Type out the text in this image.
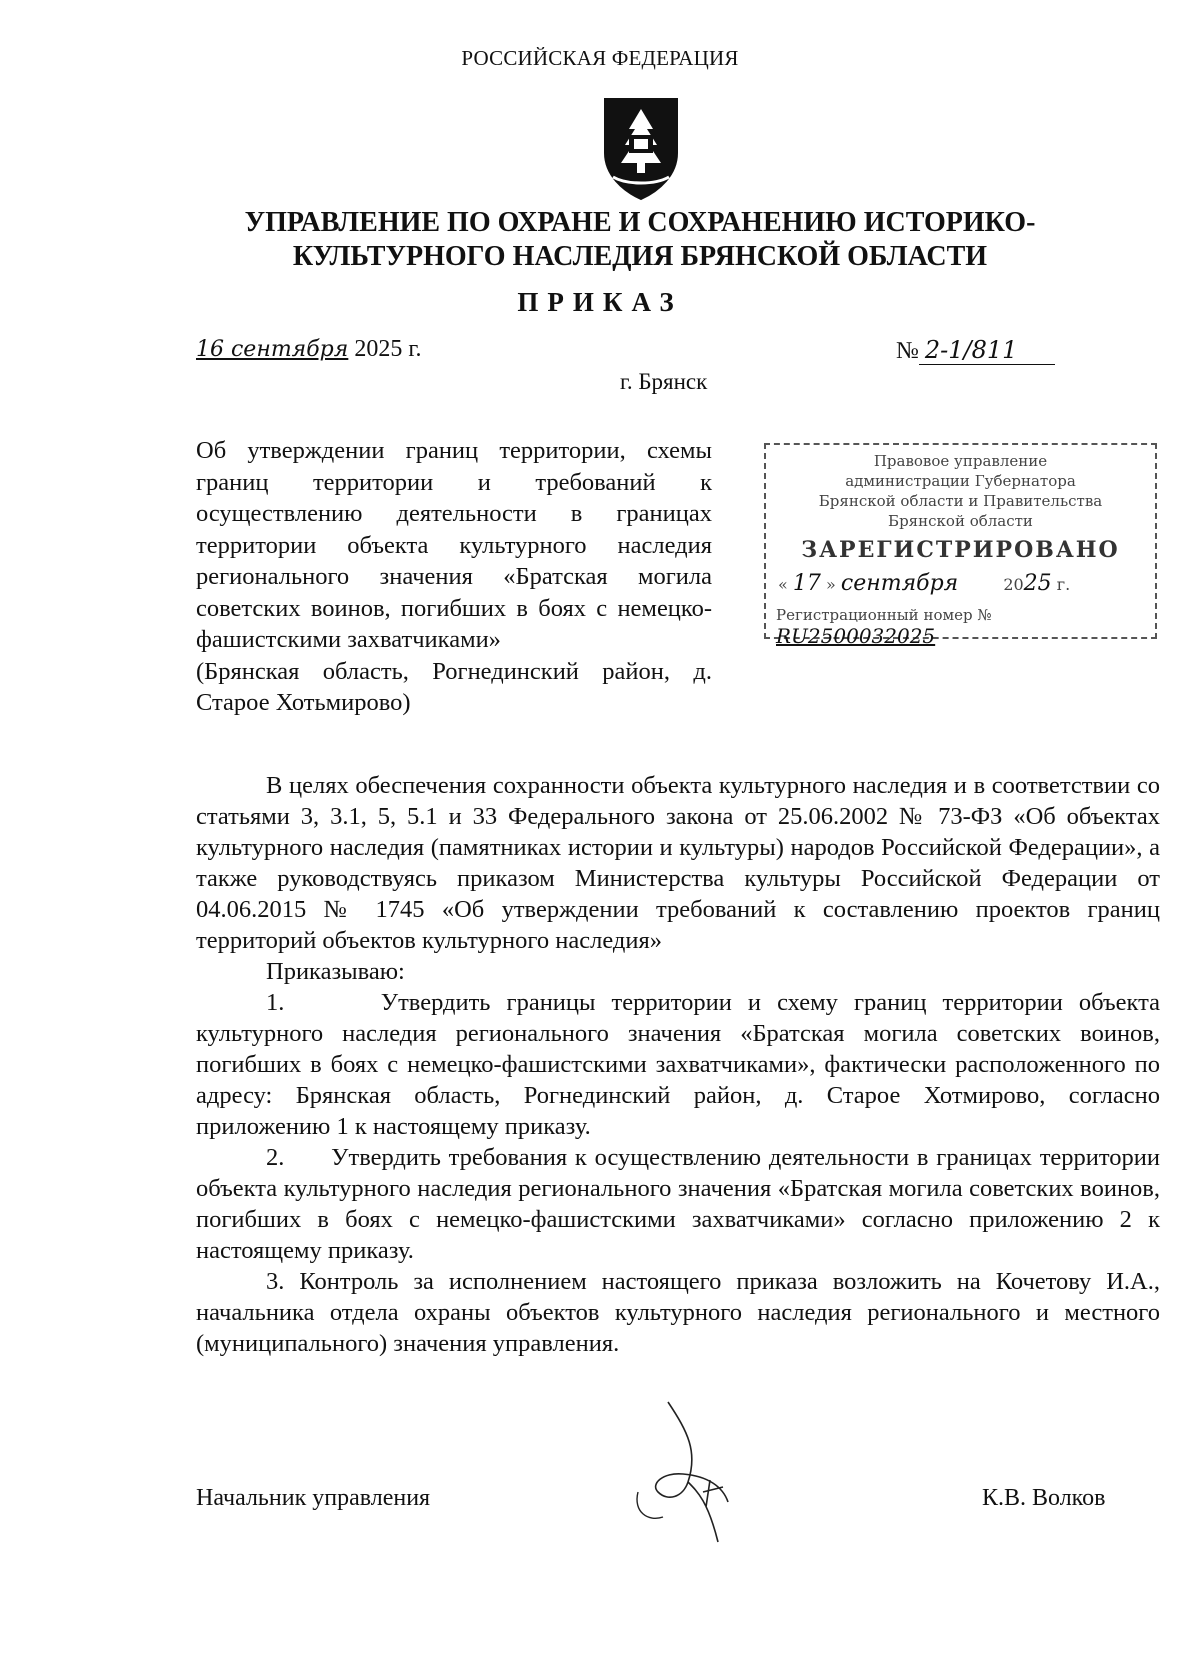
РОССИЙСКАЯ ФЕДЕРАЦИЯ
УПРАВЛЕНИЕ ПО ОХРАНЕ И СОХРАНЕНИЮ ИСТОРИКО-
КУЛЬТУРНОГО НАСЛЕДИЯ БРЯНСКОЙ ОБЛАСТИ
ПРИКАЗ
16 сентября 2025 г.	№ 2-1/811
г. Брянск

Об утверждении границ территории, схемы границ территории и требований к осуществлению деятельности в границах территории объекта культурного наследия регионального значения «Братская могила советских воинов, погибших в боях с немецко-фашистскими захватчиками»

(Брянская область, Рогнединский район, д. Старое Хотьмирово)

Правовое управление
администрации Губернатора
Брянской области и Правительства
Брянской области
ЗАРЕГИСТРИРОВАНО
« 17 » сентября	2025 г.
Регистрационный номер № RU2500032025

В целях обеспечения сохранности объекта культурного наследия и в соответствии со статьями 3, 3.1, 5, 5.1 и 33 Федерального закона от 25.06.2002 № 73-ФЗ «Об объектах культурного наследия (памятниках истории и культуры) народов Российской Федерации», а также руководствуясь приказом Министерства культуры Российской Федерации от 04.06.2015 № 1745 «Об утверждении требований к составлению проектов границ территорий объектов культурного наследия»

Приказываю:

1.      Утвердить границы территории и схему границ территории объекта культурного наследия регионального значения «Братская могила советских воинов, погибших в боях с немецко-фашистскими захватчиками», фактически расположенного по адресу: Брянская область, Рогнединский район, д. Старое Хотмирово, согласно приложению 1 к настоящему приказу.

2.      Утвердить требования к осуществлению деятельности в границах территории объекта культурного наследия регионального значения «Братская могила советских воинов, погибших в боях с немецко-фашистскими захватчиками» согласно приложению 2 к настоящему приказу.

3. Контроль за исполнением настоящего приказа возложить на Кочетову И.А., начальника отдела охраны объектов культурного наследия регионального и местного (муниципального) значения управления.

Начальник управления	К.В. Волков
